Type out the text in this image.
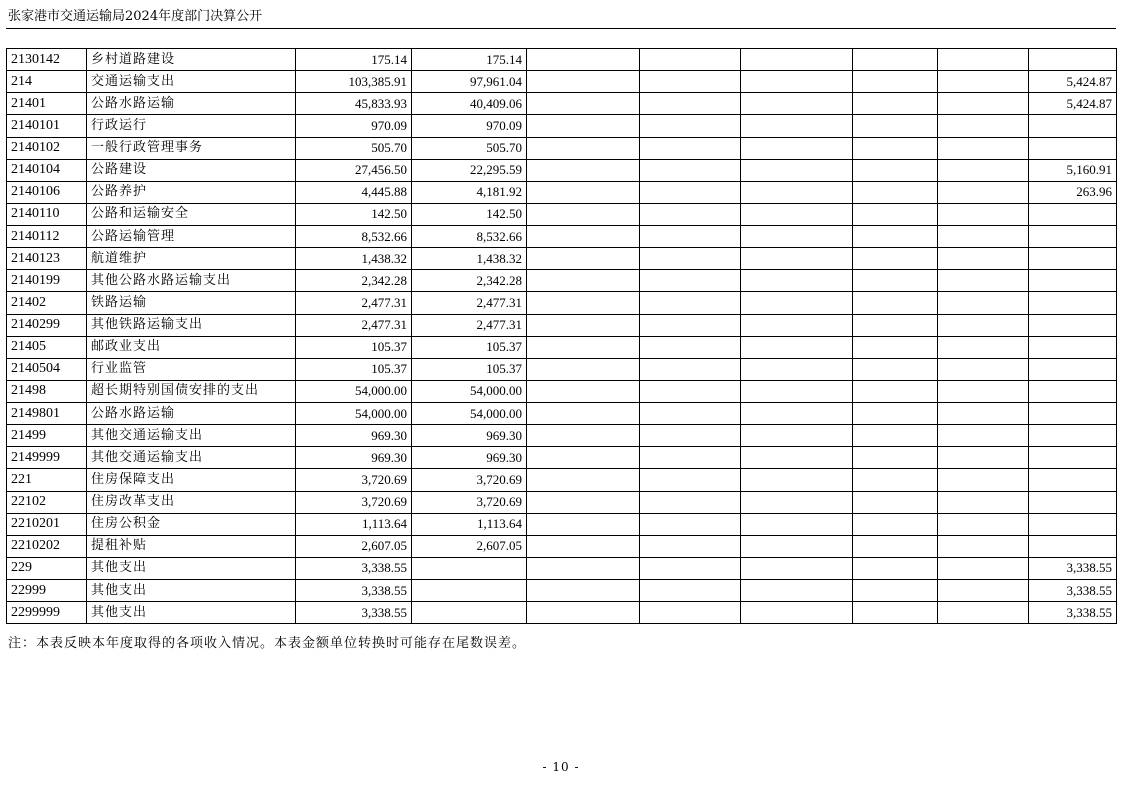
张家港市交通运输局2024年度部门决算公开
2130142	乡村道路建设	175.14	175.14						
214	交通运输支出	103,385.91	97,961.04						5,424.87
21401	公路水路运输	45,833.93	40,409.06						5,424.87
2140101	行政运行	970.09	970.09						
2140102	一般行政管理事务	505.70	505.70						
2140104	公路建设	27,456.50	22,295.59						5,160.91
2140106	公路养护	4,445.88	4,181.92						263.96
2140110	公路和运输安全	142.50	142.50						
2140112	公路运输管理	8,532.66	8,532.66						
2140123	航道维护	1,438.32	1,438.32						
2140199	其他公路水路运输支出	2,342.28	2,342.28						
21402	铁路运输	2,477.31	2,477.31						
2140299	其他铁路运输支出	2,477.31	2,477.31						
21405	邮政业支出	105.37	105.37						
2140504	行业监管	105.37	105.37						
21498	超长期特别国债安排的支出	54,000.00	54,000.00						
2149801	公路水路运输	54,000.00	54,000.00						
21499	其他交通运输支出	969.30	969.30						
2149999	其他交通运输支出	969.30	969.30						
221	住房保障支出	3,720.69	3,720.69						
22102	住房改革支出	3,720.69	3,720.69						
2210201	住房公积金	1,113.64	1,113.64						
2210202	提租补贴	2,607.05	2,607.05						
229	其他支出	3,338.55							3,338.55
22999	其他支出	3,338.55							3,338.55
2299999	其他支出	3,338.55							3,338.55
注：本表反映本年度取得的各项收入情况。本表金额单位转换时可能存在尾数误差。
- 10 -
